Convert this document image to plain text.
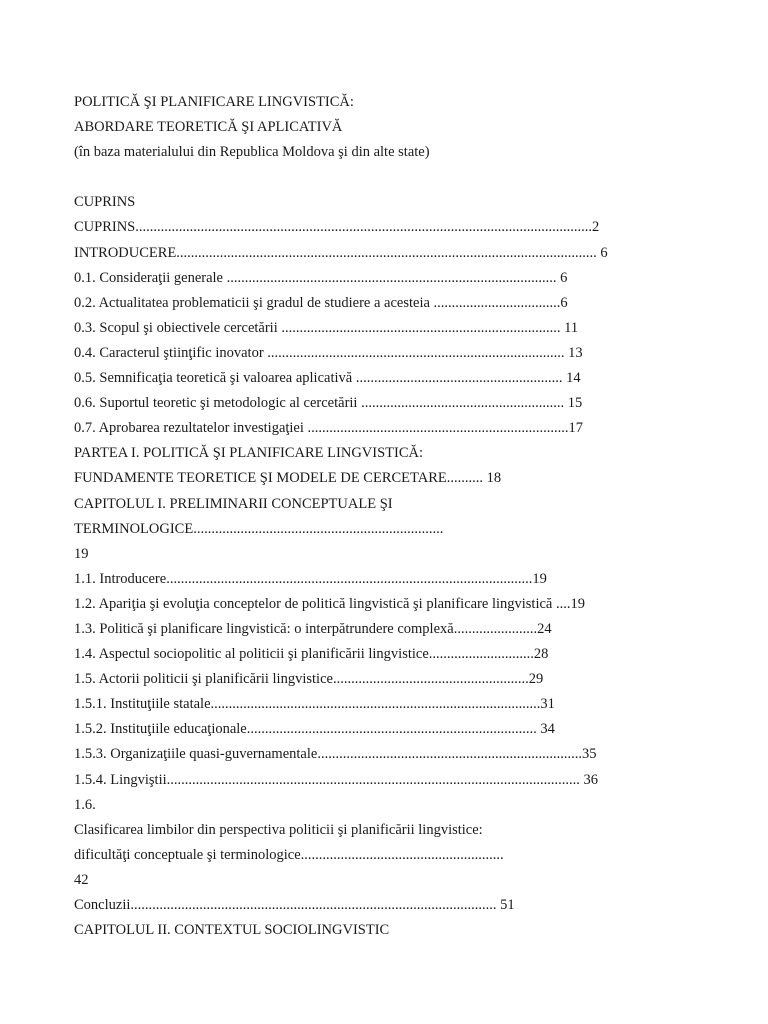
POLITICĂ ŞI PLANIFICARE LINGVISTICĂ:
ABORDARE TEORETICĂ ŞI APLICATIVĂ
(în baza materialului din Republica Moldova şi din alte state)
CUPRINS
CUPRINS..............................................................................................................................2
INTRODUCERE.................................................................................................................... 6
0.1. Consideraţii generale ........................................................................................... 6
0.2. Actualitatea problematicii şi gradul de studiere a acesteia ...................................6
0.3. Scopul şi obiectivele cercetării ............................................................................. 11
0.4. Caracterul ştiinţific inovator .................................................................................. 13
0.5. Semnificaţia teoretică şi valoarea aplicativă ......................................................... 14
0.6. Suportul teoretic şi metodologic al cercetării ........................................................ 15
0.7. Aprobarea rezultatelor investigaţiei ........................................................................17
PARTEA I. POLITICĂ ŞI PLANIFICARE LINGVISTICĂ:
FUNDAMENTE TEORETICE ŞI MODELE DE CERCETARE.......... 18
CAPITOLUL I. PRELIMINARII CONCEPTUALE ŞI
TERMINOLOGICE.....................................................................
19
1.1. Introducere.....................................................................................................19
1.2. Apariţia şi evoluţia conceptelor de politică lingvistică şi planificare lingvistică ....19
1.3. Politică şi planificare lingvistică: o interpătrundere complexă.......................24
1.4. Aspectul sociopolitic al politicii şi planificării lingvistice.............................28
1.5. Actorii politicii şi planificării lingvistice......................................................29
1.5.1. Instituţiile statale...........................................................................................31
1.5.2. Instituţiile educaţionale................................................................................ 34
1.5.3. Organizaţiile quasi-guvernamentale.........................................................................35
1.5.4. Lingviştii.................................................................................................................. 36
1.6.
Clasificarea limbilor din perspectiva politicii şi planificării lingvistice:
dificultăţi conceptuale şi terminologice........................................................
42
Concluzii..................................................................................................... 51
CAPITOLUL II. CONTEXTUL SOCIOLINGVISTIC
